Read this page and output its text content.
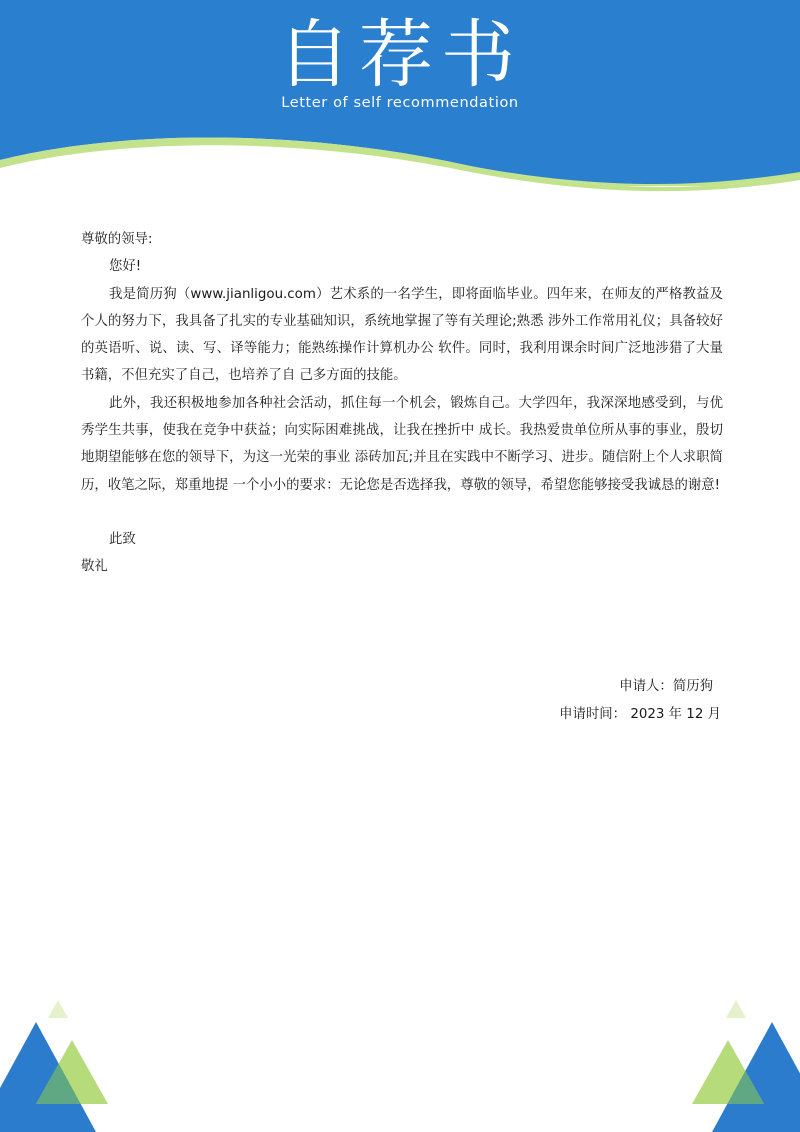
自荐书
Letter of self recommendation

尊敬的领导:

您好!

我是简历狗（www.jianligou.com）艺术系的一名学生，即将面临毕业。四年来，在师友的严格教益及个人的努力下，我具备了扎实的专业基础知识，系统地掌握了等有关理论;熟悉 涉外工作常用礼仪；具备较好的英语听、说、读、写、译等能力；能熟练操作计算机办公 软件。同时，我利用课余时间广泛地涉猎了大量书籍，不但充实了自己，也培养了自 己多方面的技能。

此外，我还积极地参加各种社会活动，抓住每一个机会，锻炼自己。大学四年，我深深地感受到，与优秀学生共事，使我在竞争中获益；向实际困难挑战，让我在挫折中 成长。我热爱贵单位所从事的事业，殷切地期望能够在您的领导下，为这一光荣的事业 添砖加瓦;并且在实践中不断学习、进步。随信附上个人求职简历，收笔之际，郑重地提 一个小小的要求：无论您是否选择我，尊敬的领导，希望您能够接受我诚恳的谢意!

此致

敬礼

申请人：简历狗
申请时间： 2023 年 12 月
